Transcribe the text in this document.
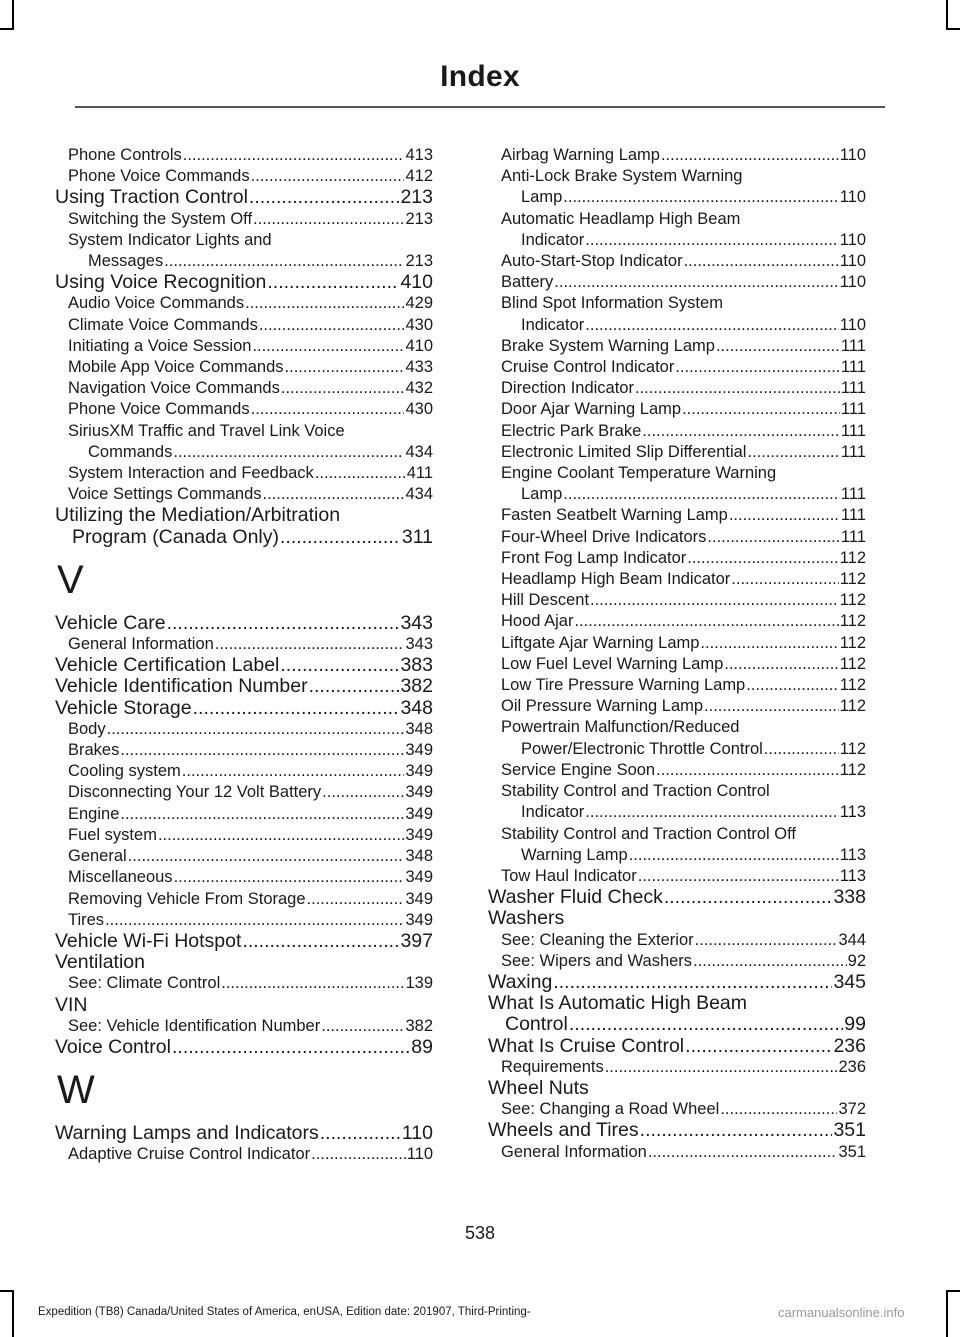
Index
Phone Controls .....	413
Phone Voice Commands .....	412
Using Traction Control .....	213
Switching the System Off .....	213
System Indicator Lights and
Messages .....	213
Using Voice Recognition .....	410
Audio Voice Commands .....	429
Climate Voice Commands .....	430
Initiating a Voice Session .....	410
Mobile App Voice Commands .....	433
Navigation Voice Commands .....	432
Phone Voice Commands .....	430
SiriusXM Traffic and Travel Link Voice
Commands .....	434
System Interaction and Feedback .....	411
Voice Settings Commands .....	434
Utilizing the Mediation/Arbitration
Program (Canada Only) .....	311
V
Vehicle Care .....	343
General Information .....	343
Vehicle Certification Label .....	383
Vehicle Identification Number .....	382
Vehicle Storage .....	348
Body .....	348
Brakes .....	349
Cooling system .....	349
Disconnecting Your 12 Volt Battery .....	349
Engine .....	349
Fuel system .....	349
General .....	348
Miscellaneous .....	349
Removing Vehicle From Storage .....	349
Tires .....	349
Vehicle Wi-Fi Hotspot .....	397
Ventilation
See: Climate Control .....	139
VIN
See: Vehicle Identification Number .....	382
Voice Control .....	89
W
Warning Lamps and Indicators .....	110
Adaptive Cruise Control Indicator .....	110
Airbag Warning Lamp .....	110
Anti-Lock Brake System Warning
Lamp .....	110
Automatic Headlamp High Beam
Indicator .....	110
Auto-Start-Stop Indicator .....	110
Battery .....	110
Blind Spot Information System
Indicator .....	110
Brake System Warning Lamp .....	111
Cruise Control Indicator .....	111
Direction Indicator .....	111
Door Ajar Warning Lamp .....	111
Electric Park Brake .....	111
Electronic Limited Slip Differential .....	111
Engine Coolant Temperature Warning
Lamp .....	111
Fasten Seatbelt Warning Lamp .....	111
Four-Wheel Drive Indicators .....	111
Front Fog Lamp Indicator .....	112
Headlamp High Beam Indicator .....	112
Hill Descent .....	112
Hood Ajar .....	112
Liftgate Ajar Warning Lamp .....	112
Low Fuel Level Warning Lamp .....	112
Low Tire Pressure Warning Lamp .....	112
Oil Pressure Warning Lamp .....	112
Powertrain Malfunction/Reduced
Power/Electronic Throttle Control .....	112
Service Engine Soon .....	112
Stability Control and Traction Control
Indicator .....	113
Stability Control and Traction Control Off
Warning Lamp .....	113
Tow Haul Indicator .....	113
Washer Fluid Check .....	338
Washers
See: Cleaning the Exterior .....	344
See: Wipers and Washers .....	92
Waxing .....	345
What Is Automatic High Beam
Control .....	99
What Is Cruise Control .....	236
Requirements .....	236
Wheel Nuts
See: Changing a Road Wheel .....	372
Wheels and Tires .....	351
General Information .....	351
538
Expedition (TB8) Canada/United States of America, enUSA, Edition date: 201907, Third-Printing-	carmanualsonline.info
